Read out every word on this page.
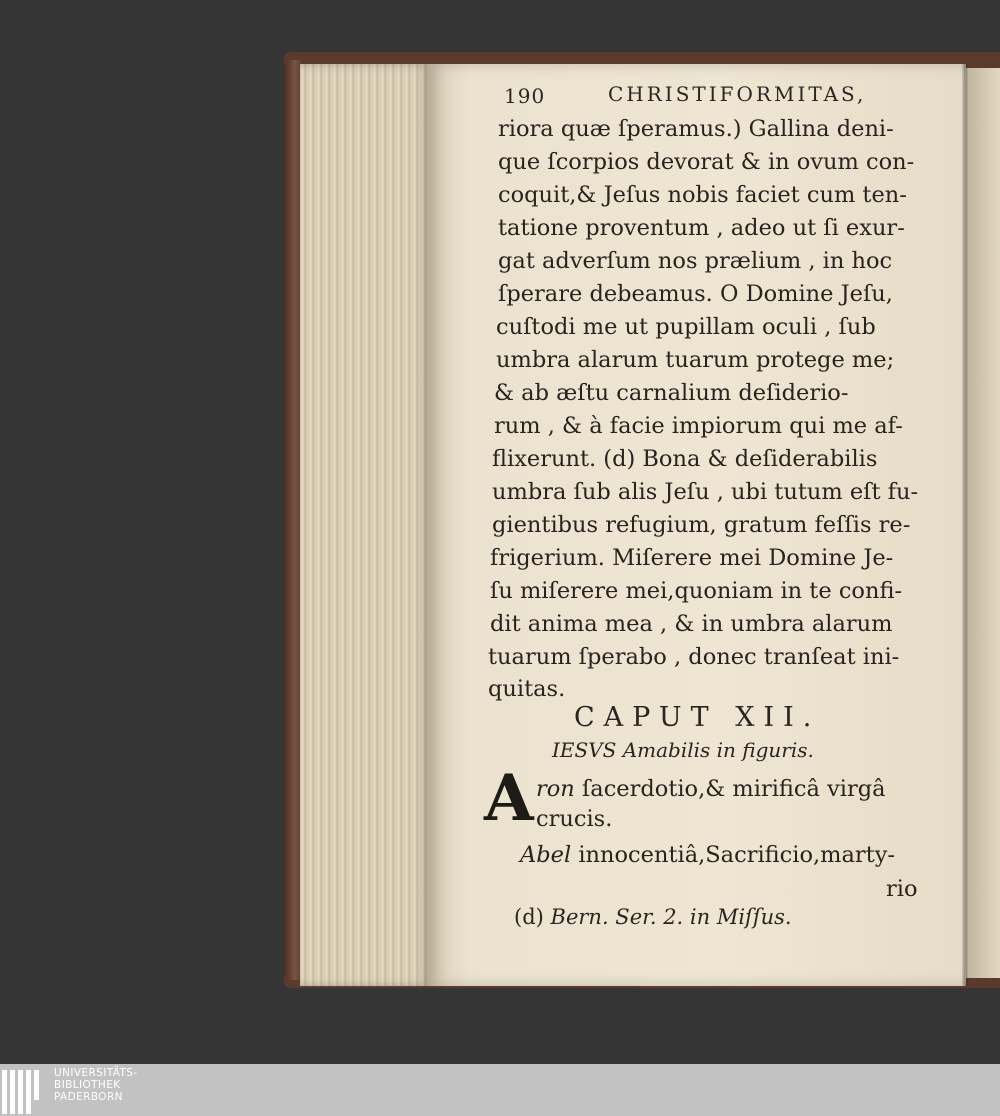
190	CHRISTIFORMITAS,
riora quæ ſperamus.) Gallina deni-
que ſcorpios devorat & in ovum con-
coquit,& Jeſus nobis faciet cum ten-
tatione proventum , adeo ut ſi exur-
gat adverſum nos prælium , in hoc
ſperare debeamus. O Domine Jeſu,
cuſtodi me ut pupillam oculi , ſub
umbra alarum tuarum protege me;
& ab æſtu carnalium deſiderio-
rum , & à facie impiorum qui me af-
flixerunt. (d) Bona & deſiderabilis
umbra ſub alis Jeſu , ubi tutum eſt fu-
gientibus refugium, gratum feſſis re-
frigerium. Miſerere mei Domine Je-
ſu miſerere mei,quoniam in te confi-
dit anima mea , & in umbra alarum
tuarum ſperabo , donec tranſeat ini-
quitas.
CAPUT XII.
IESVS Amabilis in figuris.
A ron ſacerdotio,& mirificâ virgâ
crucis.
Abel innocentiâ,Sacrificio,marty-
rio
(d) Bern. Ser. 2. in Miſſus.
UNIVERSITÄTS-
BIBLIOTHEK
PADERBORN
